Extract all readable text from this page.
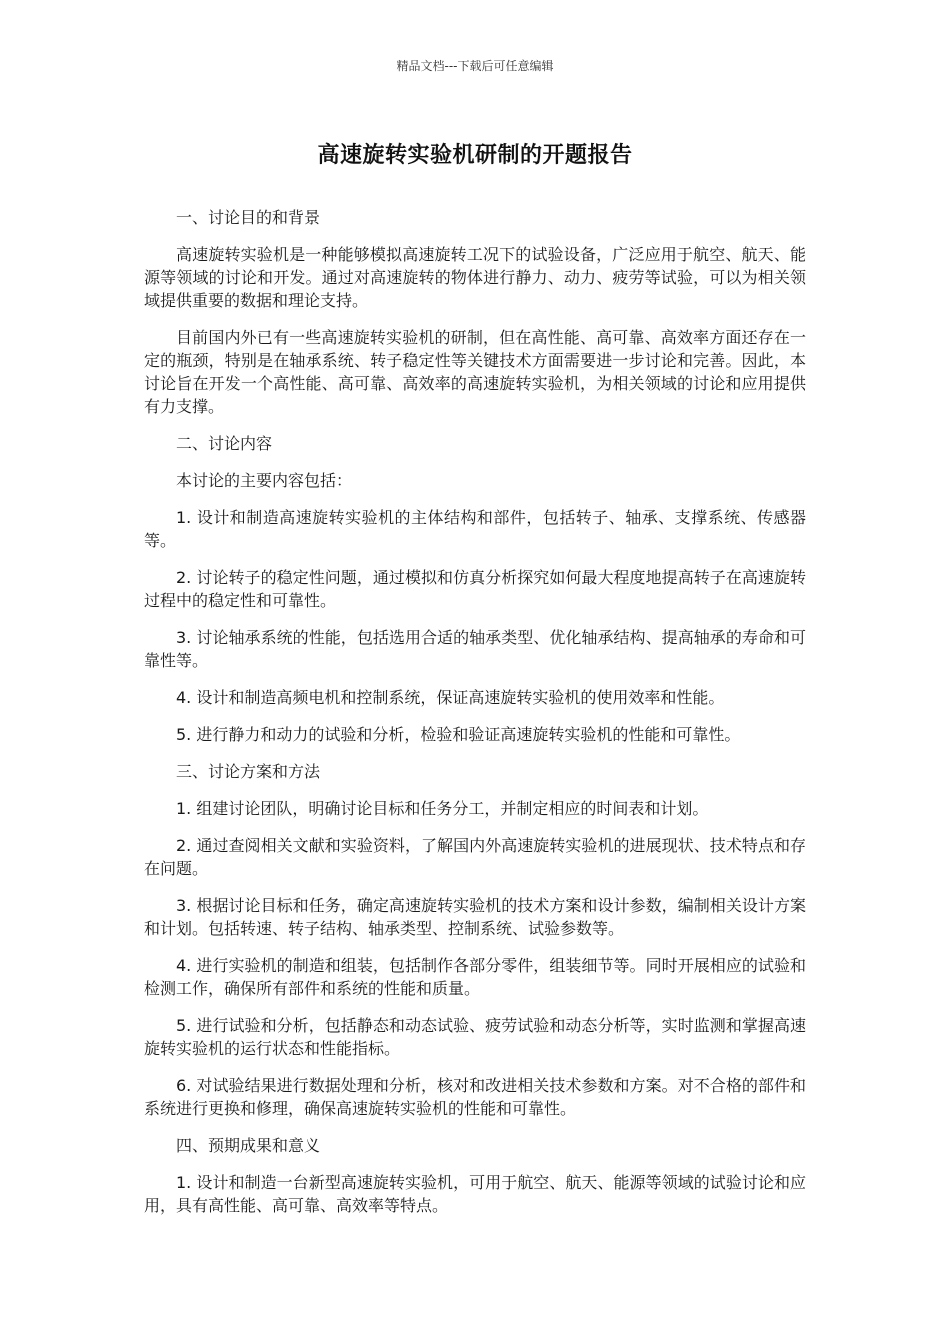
精品文档---下载后可任意编辑
高速旋转实验机研制的开题报告

一、讨论目的和背景

高速旋转实验机是一种能够模拟高速旋转工况下的试验设备，广泛应用于航空、航天、能源等领域的讨论和开发。通过对高速旋转的物体进行静力、动力、疲劳等试验，可以为相关领域提供重要的数据和理论支持。

目前国内外已有一些高速旋转实验机的研制，但在高性能、高可靠、高效率方面还存在一定的瓶颈，特别是在轴承系统、转子稳定性等关键技术方面需要进一步讨论和完善。因此，本讨论旨在开发一个高性能、高可靠、高效率的高速旋转实验机，为相关领域的讨论和应用提供有力支撑。

二、讨论内容

本讨论的主要内容包括：

1. 设计和制造高速旋转实验机的主体结构和部件，包括转子、轴承、支撑系统、传感器等。

2. 讨论转子的稳定性问题，通过模拟和仿真分析探究如何最大程度地提高转子在高速旋转过程中的稳定性和可靠性。

3. 讨论轴承系统的性能，包括选用合适的轴承类型、优化轴承结构、提高轴承的寿命和可靠性等。

4. 设计和制造高频电机和控制系统，保证高速旋转实验机的使用效率和性能。

5. 进行静力和动力的试验和分析，检验和验证高速旋转实验机的性能和可靠性。

三、讨论方案和方法

1. 组建讨论团队，明确讨论目标和任务分工，并制定相应的时间表和计划。

2. 通过查阅相关文献和实验资料，了解国内外高速旋转实验机的进展现状、技术特点和存在问题。

3. 根据讨论目标和任务，确定高速旋转实验机的技术方案和设计参数，编制相关设计方案和计划。包括转速、转子结构、轴承类型、控制系统、试验参数等。

4. 进行实验机的制造和组装，包括制作各部分零件，组装细节等。同时开展相应的试验和检测工作，确保所有部件和系统的性能和质量。

5. 进行试验和分析，包括静态和动态试验、疲劳试验和动态分析等，实时监测和掌握高速旋转实验机的运行状态和性能指标。

6. 对试验结果进行数据处理和分析，核对和改进相关技术参数和方案。对不合格的部件和系统进行更换和修理，确保高速旋转实验机的性能和可靠性。

四、预期成果和意义

1. 设计和制造一台新型高速旋转实验机，可用于航空、航天、能源等领域的试验讨论和应用，具有高性能、高可靠、高效率等特点。
